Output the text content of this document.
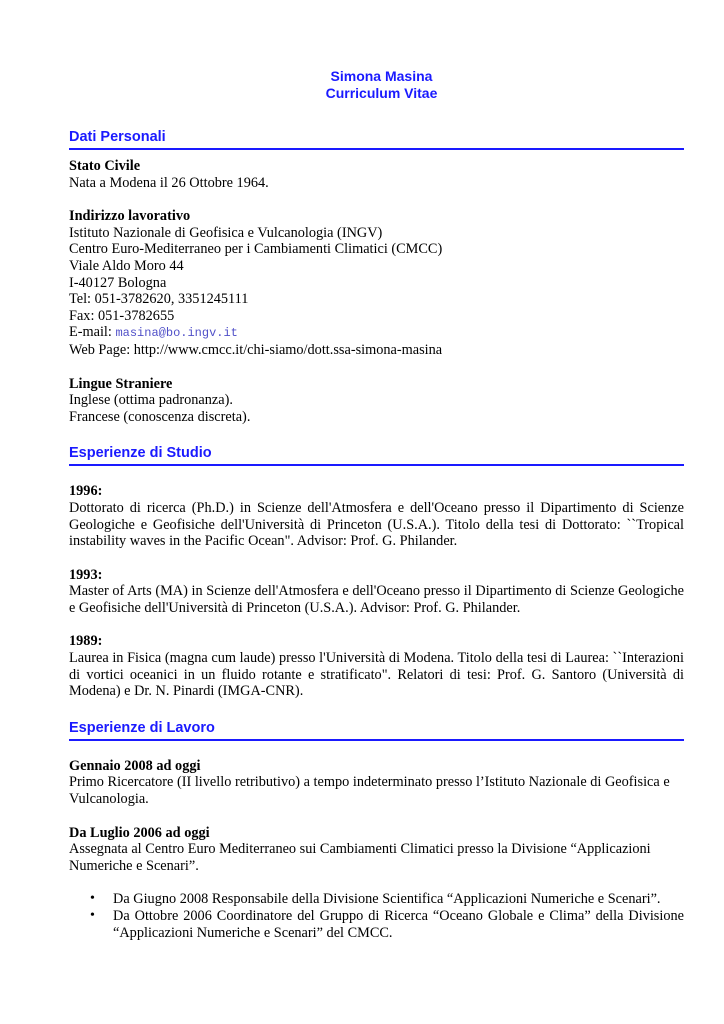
Simona Masina
Curriculum Vitae
Dati Personali
Stato Civile
Nata a Modena il 26 Ottobre 1964.
Indirizzo lavorativo
Istituto Nazionale di Geofisica e Vulcanologia (INGV)
Centro Euro-Mediterraneo per i Cambiamenti Climatici (CMCC)
Viale Aldo Moro 44
I-40127 Bologna
Tel: 051-3782620, 3351245111
Fax: 051-3782655
E-mail: masina@bo.ingv.it
Web Page: http://www.cmcc.it/chi-siamo/dott.ssa-simona-masina
Lingue Straniere
Inglese (ottima padronanza).
Francese (conoscenza discreta).
Esperienze di Studio
1996:
Dottorato di ricerca (Ph.D.) in Scienze dell'Atmosfera e dell'Oceano presso il Dipartimento di Scienze Geologiche e Geofisiche dell'Università di Princeton (U.S.A.). Titolo della tesi di Dottorato: ``Tropical instability waves in the Pacific Ocean". Advisor: Prof. G. Philander.
1993:
Master of Arts (MA) in Scienze dell'Atmosfera e dell'Oceano presso il Dipartimento di Scienze Geologiche e Geofisiche dell'Università di Princeton (U.S.A.). Advisor: Prof. G. Philander.
1989:
Laurea in Fisica (magna cum laude) presso l'Università di Modena. Titolo della tesi di Laurea: ``Interazioni di vortici oceanici in un fluido rotante e stratificato". Relatori di tesi: Prof. G. Santoro (Università di Modena) e Dr. N. Pinardi (IMGA-CNR).
Esperienze di Lavoro
Gennaio 2008 ad oggi
Primo Ricercatore (II livello retributivo) a tempo indeterminato presso l’Istituto Nazionale di Geofisica e Vulcanologia.
Da Luglio 2006 ad oggi
Assegnata al Centro Euro Mediterraneo sui Cambiamenti Climatici presso la Divisione “Applicazioni Numeriche e Scenari”.
• Da Giugno 2008 Responsabile della Divisione Scientifica “Applicazioni Numeriche e Scenari”.
• Da Ottobre 2006 Coordinatore del Gruppo di Ricerca “Oceano Globale e Clima” della Divisione “Applicazioni Numeriche e Scenari” del CMCC.
